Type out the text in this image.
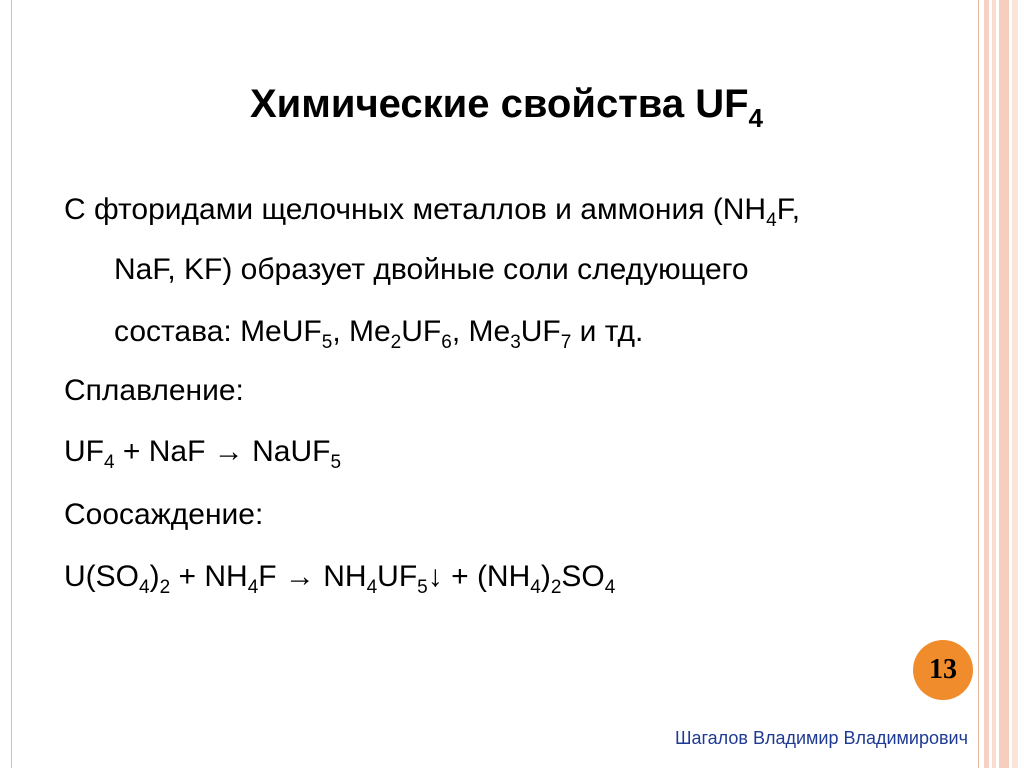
Химические свойства $UF_4$
С фторидами щелочных металлов и аммония ($NH_4F$,
NaF, KF) образует двойные соли следующего
состава: MeUF$_5$, $Me_2UF_6$, $Me_3UF_7$ и тд.
Сплавление:
$UF_4$ + NaF → NaUF$_5$
Соосаждение:
$U(SO_4)_2 + NH_4F$ → $NH_4UF_5↓ + (NH_4)_2SO_4$
13
Шагалов Владимир Владимирович
